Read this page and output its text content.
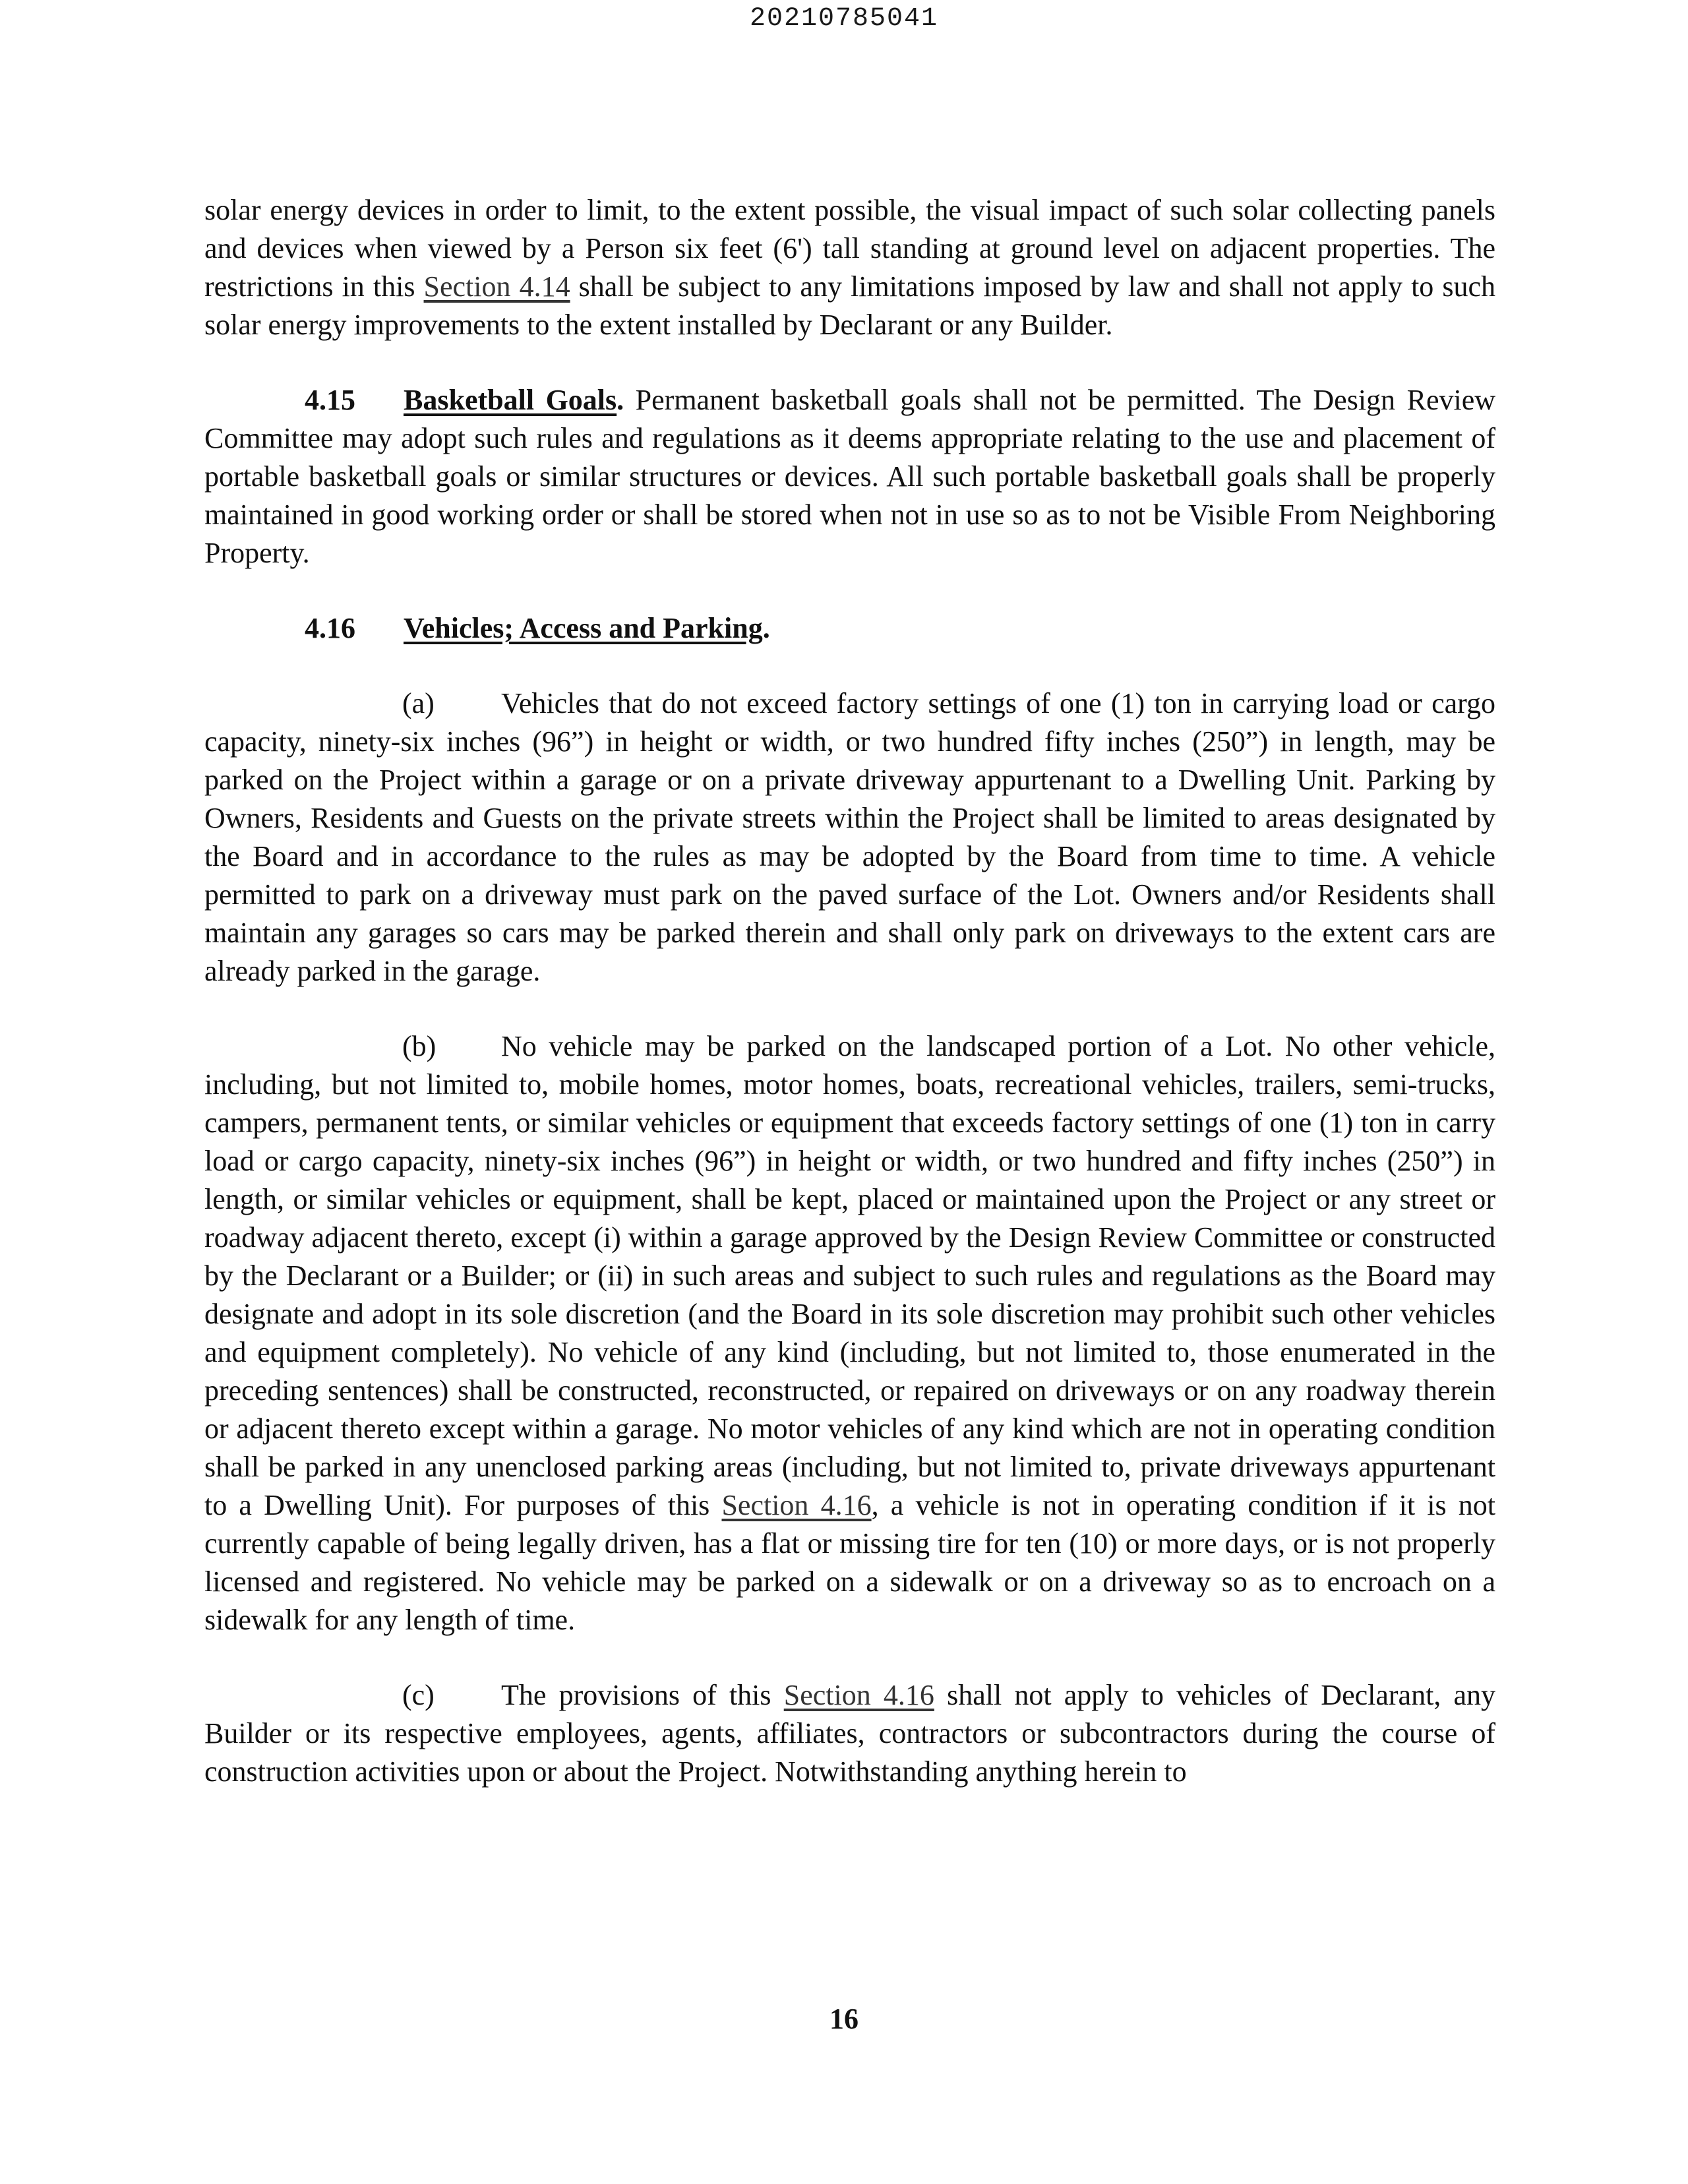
20210785041

solar energy devices in order to limit, to the extent possible, the visual impact of such solar collecting panels and devices when viewed by a Person six feet (6') tall standing at ground level on adjacent properties. The restrictions in this Section 4.14 shall be subject to any limitations imposed by law and shall not apply to such solar energy improvements to the extent installed by Declarant or any Builder.

4.15 Basketball Goals. Permanent basketball goals shall not be permitted. The Design Review Committee may adopt such rules and regulations as it deems appropriate relating to the use and placement of portable basketball goals or similar structures or devices. All such portable basketball goals shall be properly maintained in good working order or shall be stored when not in use so as to not be Visible From Neighboring Property.

4.16 Vehicles; Access and Parking.

(a) Vehicles that do not exceed factory settings of one (1) ton in carrying load or cargo capacity, ninety-six inches (96”) in height or width, or two hundred fifty inches (250”) in length, may be parked on the Project within a garage or on a private driveway appurtenant to a Dwelling Unit. Parking by Owners, Residents and Guests on the private streets within the Project shall be limited to areas designated by the Board and in accordance to the rules as may be adopted by the Board from time to time. A vehicle permitted to park on a driveway must park on the paved surface of the Lot. Owners and/or Residents shall maintain any garages so cars may be parked therein and shall only park on driveways to the extent cars are already parked in the garage.

(b) No vehicle may be parked on the landscaped portion of a Lot. No other vehicle, including, but not limited to, mobile homes, motor homes, boats, recreational vehicles, trailers, semi-trucks, campers, permanent tents, or similar vehicles or equipment that exceeds factory settings of one (1) ton in carry load or cargo capacity, ninety-six inches (96”) in height or width, or two hundred and fifty inches (250”) in length, or similar vehicles or equipment, shall be kept, placed or maintained upon the Project or any street or roadway adjacent thereto, except (i) within a garage approved by the Design Review Committee or constructed by the Declarant or a Builder; or (ii) in such areas and subject to such rules and regulations as the Board may designate and adopt in its sole discretion (and the Board in its sole discretion may prohibit such other vehicles and equipment completely). No vehicle of any kind (including, but not limited to, those enumerated in the preceding sentences) shall be constructed, reconstructed, or repaired on driveways or on any roadway therein or adjacent thereto except within a garage. No motor vehicles of any kind which are not in operating condition shall be parked in any unenclosed parking areas (including, but not limited to, private driveways appurtenant to a Dwelling Unit). For purposes of this Section 4.16, a vehicle is not in operating condition if it is not currently capable of being legally driven, has a flat or missing tire for ten (10) or more days, or is not properly licensed and registered. No vehicle may be parked on a sidewalk or on a driveway so as to encroach on a sidewalk for any length of time.

(c) The provisions of this Section 4.16 shall not apply to vehicles of Declarant, any Builder or its respective employees, agents, affiliates, contractors or subcontractors during the course of construction activities upon or about the Project. Notwithstanding anything herein to

16
